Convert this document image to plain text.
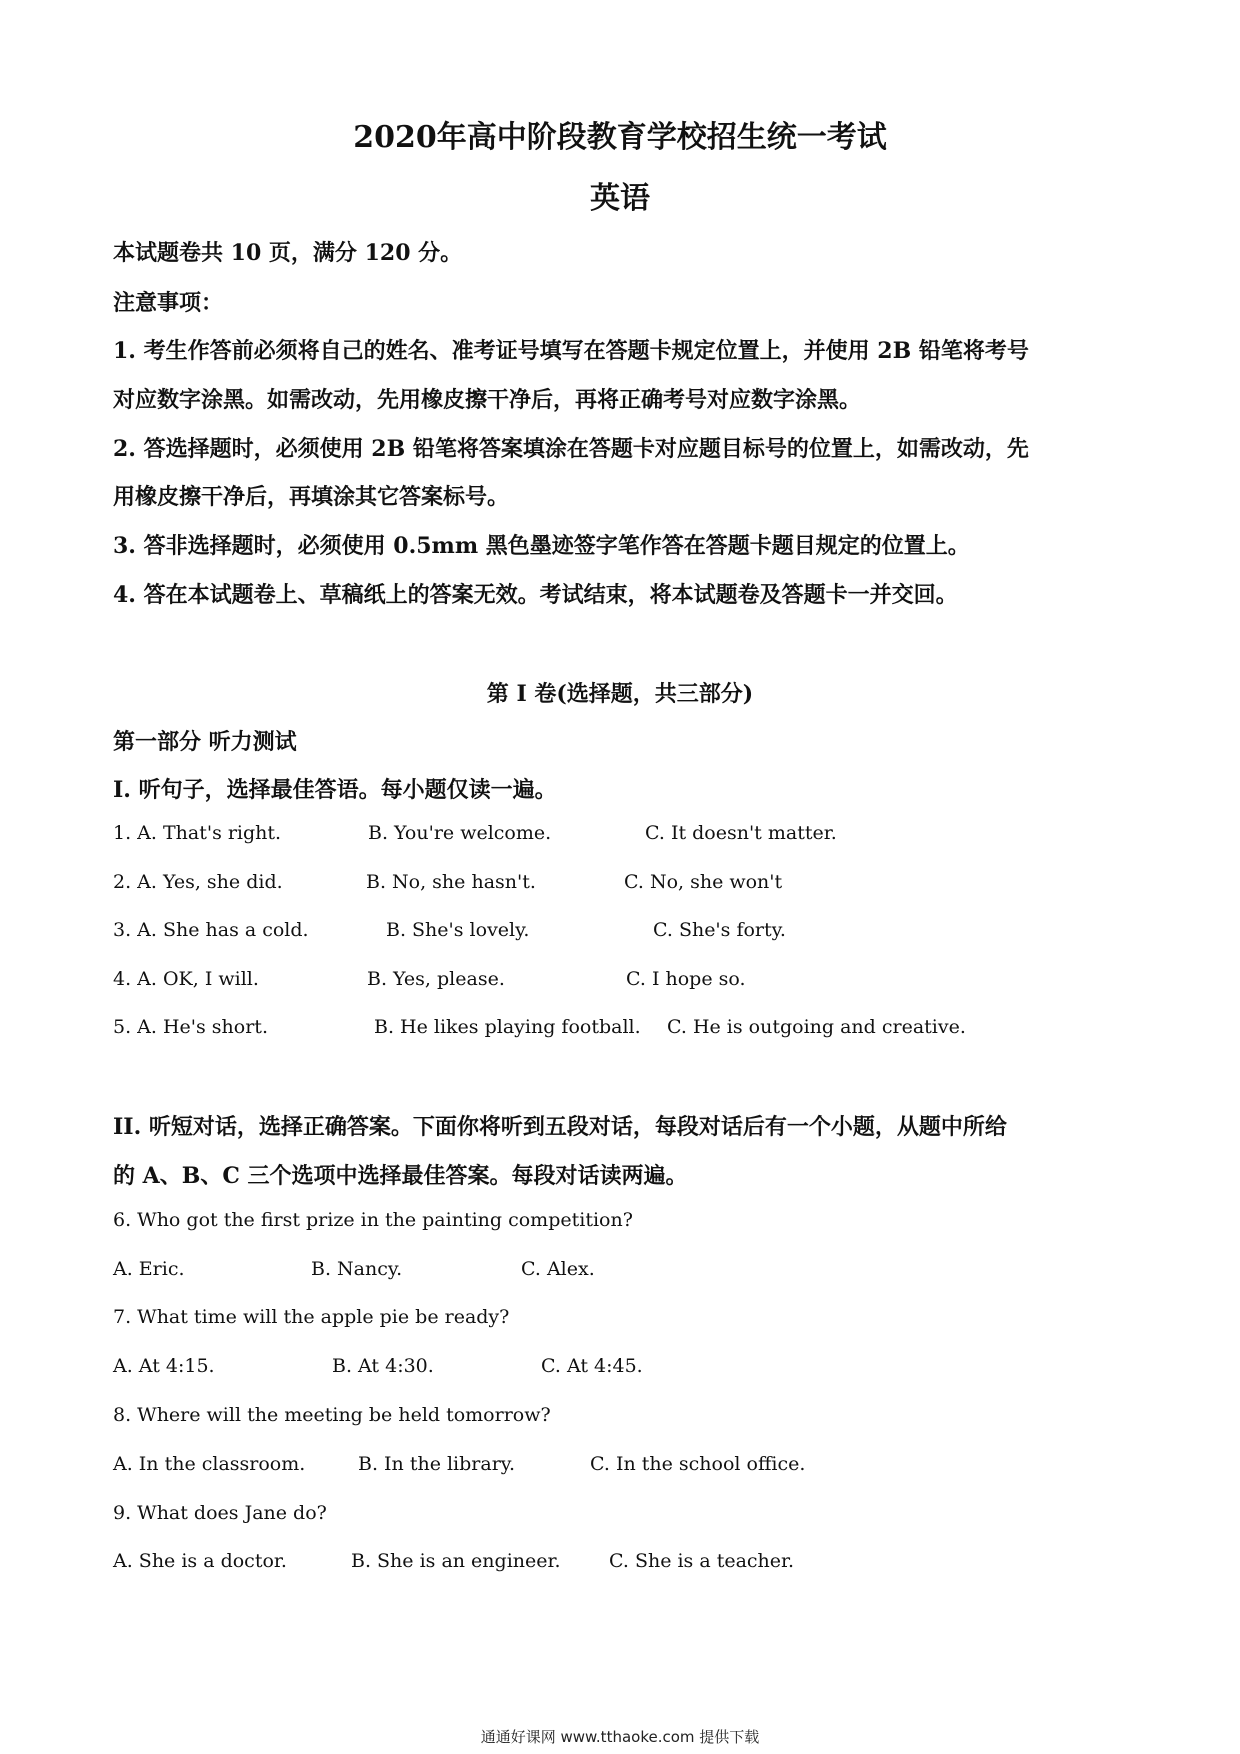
2020年高中阶段教育学校招生统一考试
英语
本试题卷共 10 页，满分 120 分。
注意事项：
1. 考生作答前必须将自己的姓名、准考证号填写在答题卡规定位置上，并使用 2B 铅笔将考号
对应数字涂黑。如需改动，先用橡皮擦干净后，再将正确考号对应数字涂黑。
2. 答选择题时，必须使用 2B 铅笔将答案填涂在答题卡对应题目标号的位置上，如需改动，先
用橡皮擦干净后，再填涂其它答案标号。
3. 答非选择题时，必须使用 0.5mm 黑色墨迹签字笔作答在答题卡题目规定的位置上。
4. 答在本试题卷上、草稿纸上的答案无效。考试结束，将本试题卷及答题卡一并交回。
第 I 卷(选择题，共三部分)
第一部分 听力测试
I. 听句子，选择最佳答语。每小题仅读一遍。
1. A. That's right.	B. You're welcome.	C. It doesn't matter.
2. A. Yes, she did.	B. No, she hasn't.	C. No, she won't
3. A. She has a cold.	B. She's lovely.	C. She's forty.
4. A. OK, I will.	B. Yes, please.	C. I hope so.
5. A. He's short.	B. He likes playing football. C. He is outgoing and creative.
II. 听短对话，选择正确答案。下面你将听到五段对话，每段对话后有一个小题，从题中所给
的 A、B、C 三个选项中选择最佳答案。每段对话读两遍。
6. Who got the first prize in the painting competition?
A. Eric.	B. Nancy.	C. Alex.
7. What time will the apple pie be ready?
A. At 4:15.	B. At 4:30.	C. At 4:45.
8. Where will the meeting be held tomorrow?
A. In the classroom.	B. In the library.	C. In the school office.
9. What does Jane do?
A. She is a doctor.	B. She is an engineer.	C. She is a teacher.
通通好课网 www.tthaoke.com 提供下载
